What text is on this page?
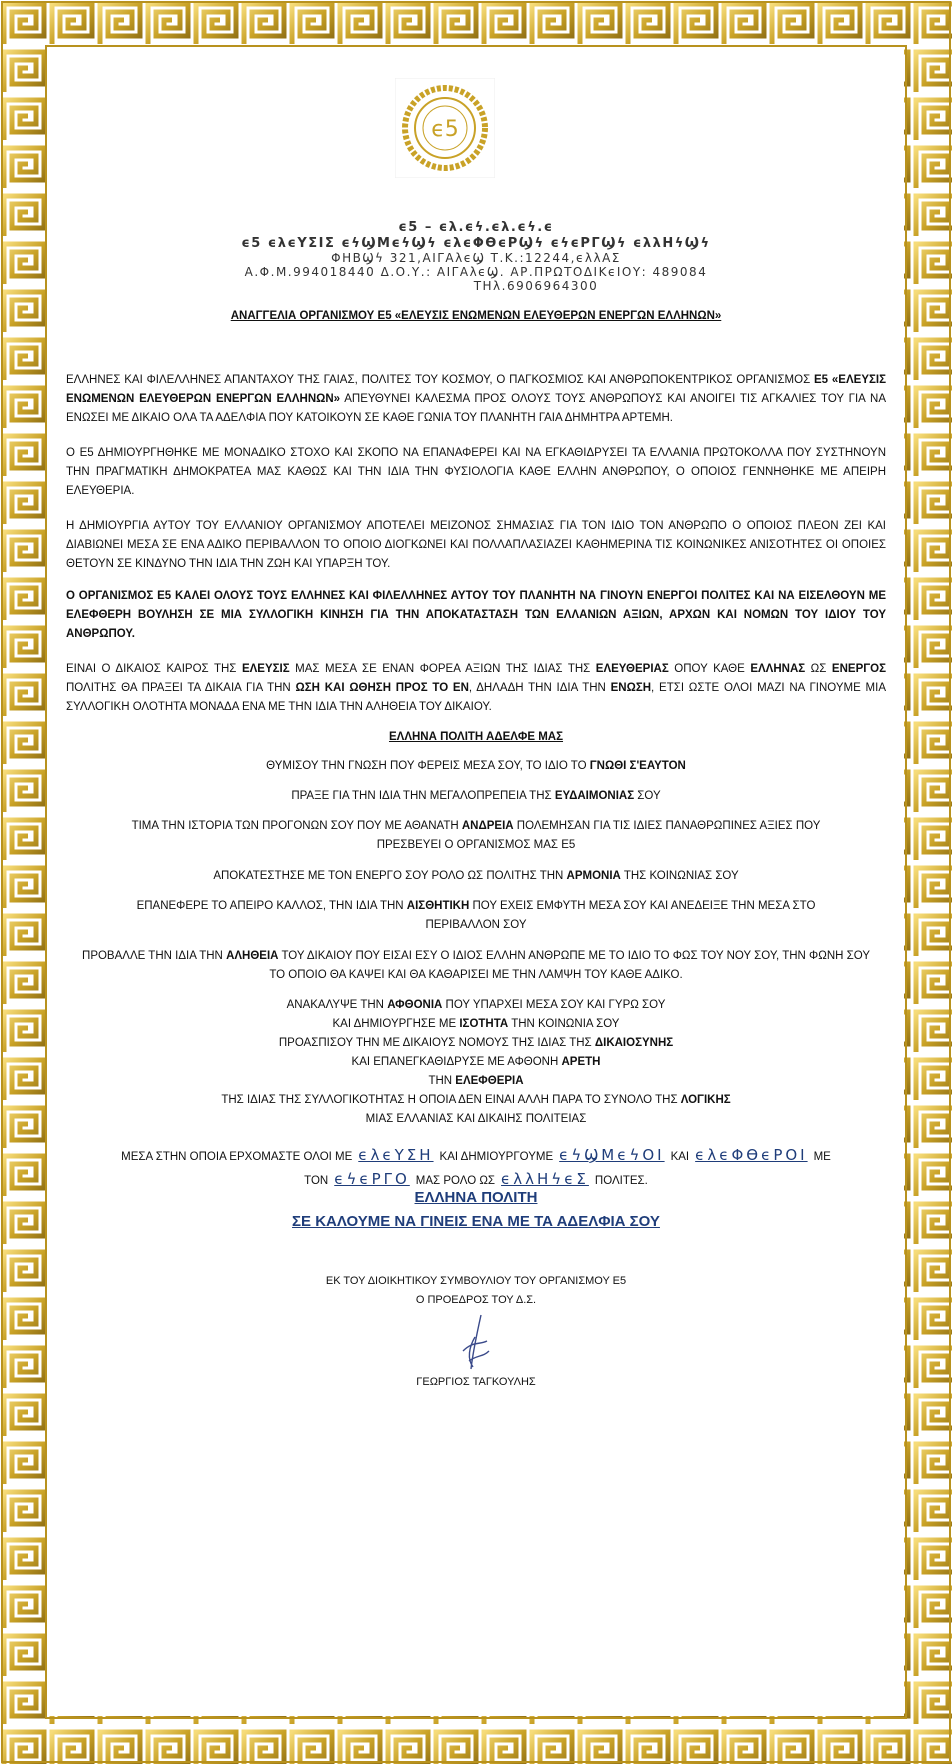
ϵ5
ϵ5 – ϵλ.ϵϟ.ϵλ.ϵϟ.ϵ
ϵ5 ϵλϵΥΣΙΣ ϵϟϢΜϵϟϢϟ ϵλϵΦϴϵΡϢϟ ϵϟϵΡΓϢϟ ϵλλΗϟϢϟ
ΦΗΒϢϟ 321,ΑΙΓΑλϵϢ Τ.Κ.:12244,ϵλλΑΣ
Α.Φ.Μ.994018440 Δ.Ο.Υ.: ΑΙΓΑλϵϢ. ΑΡ.ΠΡΩΤΟΔΙΚϵΙΟΥ: 489084
ΤΗλ.6906964300
ΑΝΑΓΓΕΛΙΑ ΟΡΓΑΝΙΣΜΟΥ Ε5 «ΕΛΕΥΣΙΣ ΕΝΩΜΕΝΩΝ ΕΛΕΥΘΕΡΩΝ ΕΝΕΡΓΩΝ ΕΛΛΗΝΩΝ»
ΕΛΛΗΝΕΣ ΚΑΙ ΦΙΛΕΛΛΗΝΕΣ ΑΠΑΝΤΑΧΟΥ ΤΗΣ ΓΑΙΑΣ, ΠΟΛΙΤΕΣ ΤΟΥ ΚΟΣΜΟΥ, Ο ΠΑΓΚΟΣΜΙΟΣ ΚΑΙ ΑΝΘΡΩΠΟΚΕΝΤΡΙΚΟΣ ΟΡΓΑΝΙΣΜΟΣ Ε5 «ΕΛΕΥΣΙΣ ΕΝΩΜΕΝΩΝ ΕΛΕΥΘΕΡΩΝ ΕΝΕΡΓΩΝ ΕΛΛΗΝΩΝ» ΑΠΕΥΘΥΝΕΙ ΚΑΛΕΣΜΑ ΠΡΟΣ ΟΛΟΥΣ ΤΟΥΣ ΑΝΘΡΩΠΟΥΣ ΚΑΙ ΑΝΟΙΓΕΙ ΤΙΣ ΑΓΚΑΛΙΕΣ ΤΟΥ ΓΙΑ ΝΑ ΕΝΩΣΕΙ ΜΕ ΔΙΚΑΙΟ ΟΛΑ ΤΑ ΑΔΕΛΦΙΑ ΠΟΥ ΚΑΤΟΙΚΟΥΝ ΣΕ ΚΑΘΕ ΓΩΝΙΑ ΤΟΥ ΠΛΑΝΗΤΗ ΓΑΙΑ ΔΗΜΗΤΡΑ ΑΡΤΕΜΗ.
Ο Ε5 ΔΗΜΙΟΥΡΓΗΘΗΚΕ ΜΕ ΜΟΝΑΔΙΚΟ ΣΤΟΧΟ ΚΑΙ ΣΚΟΠΟ ΝΑ ΕΠΑΝΑΦΕΡΕΙ ΚΑΙ ΝΑ ΕΓΚΑΘΙΔΡΥΣΕΙ ΤΑ ΕΛΛΑΝΙΑ ΠΡΩΤΟΚΟΛΛΑ ΠΟΥ ΣΥΣΤΗΝΟΥΝ ΤΗΝ ΠΡΑΓΜΑΤΙΚΗ ΔΗΜΟΚΡΑΤΕΑ ΜΑΣ ΚΑΘΩΣ ΚΑΙ ΤΗΝ ΙΔΙΑ ΤΗΝ ΦΥΣΙΟΛΟΓΙΑ ΚΑΘΕ ΕΛΛΗΝ ΑΝΘΡΩΠΟΥ, Ο ΟΠΟΙΟΣ ΓΕΝΝΗΘΗΚΕ ΜΕ ΑΠΕΙΡΗ ΕΛΕΥΘΕΡΙΑ.
Η ΔΗΜΙΟΥΡΓΙΑ ΑΥΤΟΥ ΤΟΥ ΕΛΛΑΝΙΟΥ ΟΡΓΑΝΙΣΜΟΥ ΑΠΟΤΕΛΕΙ ΜΕΙΖΟΝΟΣ ΣΗΜΑΣΙΑΣ ΓΙΑ ΤΟΝ ΙΔΙΟ ΤΟΝ ΑΝΘΡΩΠΟ Ο ΟΠΟΙΟΣ ΠΛΕΟΝ ΖΕΙ ΚΑΙ ΔΙΑΒΙΩΝΕΙ ΜΕΣΑ ΣΕ ΕΝΑ ΑΔΙΚΟ ΠΕΡΙΒΑΛΛΟΝ ΤΟ ΟΠΟΙΟ ΔΙΟΓΚΩΝΕΙ ΚΑΙ ΠΟΛΛΑΠΛΑΣΙΑΖΕΙ ΚΑΘΗΜΕΡΙΝΑ ΤΙΣ ΚΟΙΝΩΝΙΚΕΣ ΑΝΙΣΟΤΗΤΕΣ ΟΙ ΟΠΟΙΕΣ ΘΕΤΟΥΝ ΣΕ ΚΙΝΔΥΝΟ ΤΗΝ ΙΔΙΑ ΤΗΝ ΖΩΗ ΚΑΙ ΥΠΑΡΞΗ ΤΟΥ.
Ο ΟΡΓΑΝΙΣΜΟΣ Ε5 ΚΑΛΕΙ ΟΛΟΥΣ ΤΟΥΣ ΕΛΛΗΝΕΣ ΚΑΙ ΦΙΛΕΛΛΗΝΕΣ ΑΥΤΟΥ ΤΟΥ ΠΛΑΝΗΤΗ ΝΑ ΓΙΝΟΥΝ ΕΝΕΡΓΟΙ ΠΟΛΙΤΕΣ ΚΑΙ ΝΑ ΕΙΣΕΛΘΟΥΝ ΜΕ ΕΛΕΦΘΕΡΗ ΒΟΥΛΗΣΗ ΣΕ ΜΙΑ ΣΥΛΛΟΓΙΚΗ ΚΙΝΗΣΗ ΓΙΑ ΤΗΝ ΑΠΟΚΑΤΑΣΤΑΣΗ ΤΩΝ ΕΛΛΑΝΙΩΝ ΑΞΙΩΝ, ΑΡΧΩΝ ΚΑΙ ΝΟΜΩΝ ΤΟΥ ΙΔΙΟΥ ΤΟΥ ΑΝΘΡΩΠΟΥ.
ΕΙΝΑΙ Ο ΔΙΚΑΙΟΣ ΚΑΙΡΟΣ ΤΗΣ ΕΛΕΥΣΙΣ ΜΑΣ ΜΕΣΑ ΣΕ ΕΝΑΝ ΦΟΡΕΑ ΑΞΙΩΝ ΤΗΣ ΙΔΙΑΣ ΤΗΣ ΕΛΕΥΘΕΡΙΑΣ ΟΠΟΥ ΚΑΘΕ ΕΛΛΗΝΑΣ ΩΣ ΕΝΕΡΓΟΣ ΠΟΛΙΤΗΣ ΘΑ ΠΡΑΞΕΙ ΤΑ ΔΙΚΑΙΑ ΓΙΑ ΤΗΝ ΩΣΗ ΚΑΙ ΩΘΗΣΗ ΠΡΟΣ ΤΟ ΕΝ, ΔΗΛΑΔΗ ΤΗΝ ΙΔΙΑ ΤΗΝ ΕΝΩΣΗ, ΕΤΣΙ ΩΣΤΕ ΟΛΟΙ ΜΑΖΙ ΝΑ ΓΙΝΟΥΜΕ ΜΙΑ ΣΥΛΛΟΓΙΚΗ ΟΛΟΤΗΤΑ ΜΟΝΑΔΑ ΕΝΑ ΜΕ ΤΗΝ ΙΔΙΑ ΤΗΝ ΑΛΗΘΕΙΑ ΤΟΥ ΔΙΚΑΙΟΥ.
ΕΛΛΗΝΑ ΠΟΛΙΤΗ ΑΔΕΛΦΕ ΜΑΣ
ΘΥΜΙΣΟΥ ΤΗΝ ΓΝΩΣΗ ΠΟΥ ΦΕΡΕΙΣ ΜΕΣΑ ΣΟΥ, ΤΟ ΙΔΙΟ ΤΟ ΓΝΩΘΙ Σ'ΕΑΥΤΟΝ
ΠΡΑΞΕ ΓΙΑ ΤΗΝ ΙΔΙΑ ΤΗΝ ΜΕΓΑΛΟΠΡΕΠΕΙΑ ΤΗΣ ΕΥΔΑΙΜΟΝΙΑΣ ΣΟΥ
ΤΙΜΑ ΤΗΝ ΙΣΤΟΡΙΑ ΤΩΝ ΠΡΟΓΟΝΩΝ ΣΟΥ ΠΟΥ ΜΕ ΑΘΑΝΑΤΗ ΑΝΔΡΕΙΑ ΠΟΛΕΜΗΣΑΝ ΓΙΑ ΤΙΣ ΙΔΙΕΣ ΠΑΝΑΘΡΩΠΙΝΕΣ ΑΞΙΕΣ ΠΟΥ ΠΡΕΣΒΕΥΕΙ Ο ΟΡΓΑΝΙΣΜΟΣ ΜΑΣ Ε5
ΑΠΟΚΑΤΕΣΤΗΣΕ ΜΕ ΤΟΝ ΕΝΕΡΓΟ ΣΟΥ ΡΟΛΟ ΩΣ ΠΟΛΙΤΗΣ ΤΗΝ ΑΡΜΟΝΙΑ ΤΗΣ ΚΟΙΝΩΝΙΑΣ ΣΟΥ
ΕΠΑΝΕΦΕΡΕ ΤΟ ΑΠΕΙΡΟ ΚΑΛΛΟΣ, ΤΗΝ ΙΔΙΑ ΤΗΝ ΑΙΣΘΗΤΙΚΗ ΠΟΥ ΕΧΕΙΣ ΕΜΦΥΤΗ ΜΕΣΑ ΣΟΥ ΚΑΙ ΑΝΕΔΕΙΞΕ ΤΗΝ ΜΕΣΑ ΣΤΟ ΠΕΡΙΒΑΛΛΟΝ ΣΟΥ
ΠΡΟΒΑΛΛΕ ΤΗΝ ΙΔΙΑ ΤΗΝ ΑΛΗΘΕΙΑ ΤΟΥ ΔΙΚΑΙΟΥ ΠΟΥ ΕΙΣΑΙ ΕΣΥ Ο ΙΔΙΟΣ ΕΛΛΗΝ ΑΝΘΡΩΠΕ ΜΕ ΤΟ ΙΔΙΟ ΤΟ ΦΩΣ ΤΟΥ ΝΟΥ ΣΟΥ, ΤΗΝ ΦΩΝΗ ΣΟΥ ΤΟ ΟΠΟΙΟ ΘΑ ΚΑΨΕΙ ΚΑΙ ΘΑ ΚΑΘΑΡΙΣΕΙ ΜΕ ΤΗΝ ΛΑΜΨΗ ΤΟΥ ΚΑΘΕ ΑΔΙΚΟ.
ΑΝΑΚΑΛΥΨΕ ΤΗΝ ΑΦΘΟΝΙΑ ΠΟΥ ΥΠΑΡΧΕΙ ΜΕΣΑ ΣΟΥ ΚΑΙ ΓΥΡΩ ΣΟΥ
ΚΑΙ ΔΗΜΙΟΥΡΓΗΣΕ ΜΕ ΙΣΟΤΗΤΑ ΤΗΝ ΚΟΙΝΩΝΙΑ ΣΟΥ
ΠΡΟΑΣΠΙΣΟΥ ΤΗΝ ΜΕ ΔΙΚΑΙΟΥΣ ΝΟΜΟΥΣ ΤΗΣ ΙΔΙΑΣ ΤΗΣ ΔΙΚΑΙΟΣΥΝΗΣ
ΚΑΙ ΕΠΑΝΕΓΚΑΘΙΔΡΥΣΕ ΜΕ ΑΦΘΟΝΗ ΑΡΕΤΗ
ΤΗΝ ΕΛΕΦΘΕΡΙΑ
ΤΗΣ ΙΔΙΑΣ ΤΗΣ ΣΥΛΛΟΓΙΚΟΤΗΤΑΣ Η ΟΠΟΙΑ ΔΕΝ ΕΙΝΑΙ ΑΛΛΗ ΠΑΡΑ ΤΟ ΣΥΝΟΛΟ ΤΗΣ ΛΟΓΙΚΗΣ
ΜΙΑΣ ΕΛΛΑΝΙΑΣ ΚΑΙ ΔΙΚΑΙΗΣ ΠΟΛΙΤΕΙΑΣ
ΜΕΣΑ ΣΤΗΝ ΟΠΟΙΑ ΕΡΧΟΜΑΣΤΕ ΟΛΟΙ ΜΕ ϵλϵΥΣΗ ΚΑΙ ΔΗΜΙΟΥΡΓΟΥΜΕ ϵϟϢΜϵϟΟΙ ΚΑΙ ϵλϵΦϴϵΡΟΙ ΜΕ
ΤΟΝ ϵϟϵΡΓΟ ΜΑΣ ΡΟΛΟ ΩΣ ϵλλΗϟϵΣ ΠΟΛΙΤΕΣ.
ΕΛΛΗΝΑ ΠΟΛΙΤΗ
ΣΕ ΚΑΛΟΥΜΕ ΝΑ ΓΙΝΕΙΣ ΕΝΑ ΜΕ ΤΑ ΑΔΕΛΦΙΑ ΣΟΥ
ΕΚ ΤΟΥ ΔΙΟΙΚΗΤΙΚΟΥ ΣΥΜΒΟΥΛΙΟΥ ΤΟΥ ΟΡΓΑΝΙΣΜΟΥ Ε5
Ο ΠΡΟΕΔΡΟΣ ΤΟΥ Δ.Σ.
ΓΕΩΡΓΙΟΣ ΤΑΓΚΟΥΛΗΣ
